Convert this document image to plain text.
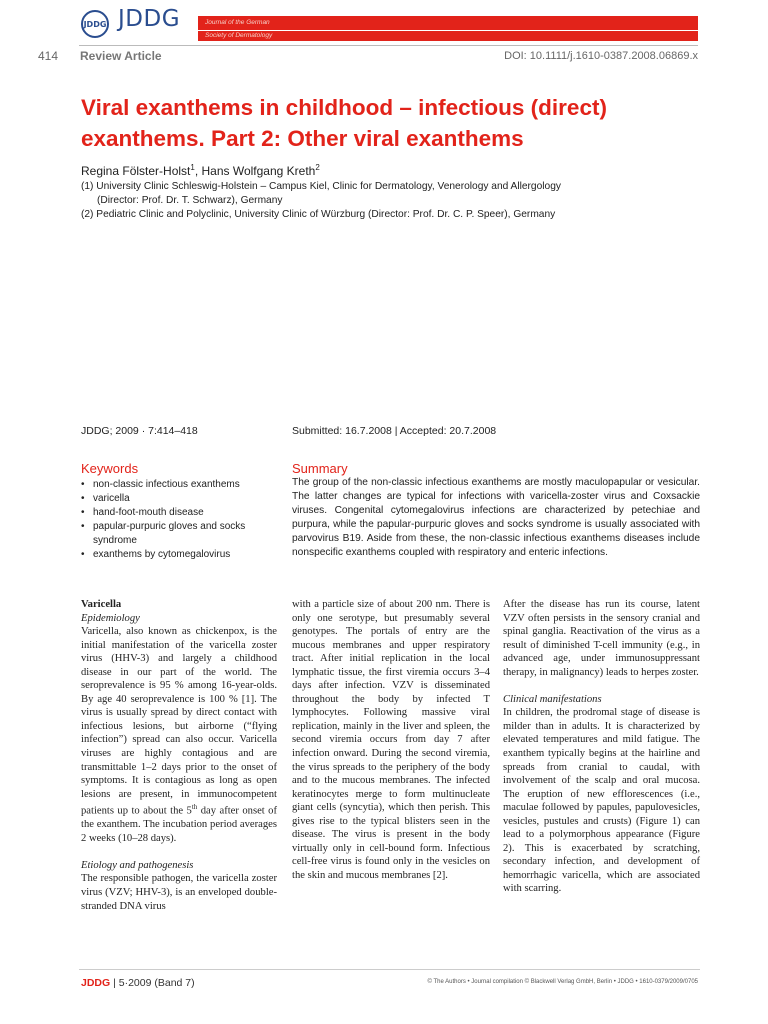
JDDG JDDG	Journal of the German
Society of Dermatology
414 Review Article	DOI: 10.1111/j.1610-0387.2008.06869.x
Viral exanthems in childhood – infectious (direct) exanthems. Part 2: Other viral exanthems
Regina Fölster-Holst$^1$, Hans Wolfgang Kreth$^2$
(1) University Clinic Schleswig-Holstein – Campus Kiel, Clinic for Dermatology, Venerology and Allergology
(Director: Prof. Dr. T. Schwarz), Germany
(2) Pediatric Clinic and Polyclinic, University Clinic of Würzburg (Director: Prof. Dr. C. P. Speer), Germany
JDDG; 2009 · 7:414–418	Submitted: 16.7.2008 | Accepted: 20.7.2008
Keywords
• non-classic infectious exanthems
• varicella
• hand-foot-mouth disease
• papular-purpuric gloves and socks syndrome
• exanthems by cytomegalovirus
Summary
The group of the non-classic infectious exanthems are mostly maculopapular or vesicular. The latter changes are typical for infections with varicella-zoster virus and Coxsackie viruses. Congenital cytomegalovirus infections are characterized by petechiae and purpura, while the papular-purpuric gloves and socks syndrome is usually associated with parvovirus B19. Aside from these, the non-classic infectious exanthems diseases include nonspecific exanthems coupled with respiratory and enteric infections.

Varicella

Epidemiology

Varicella, also known as chickenpox, is the initial manifestation of the varicella zoster virus (HHV-3) and largely a childhood disease in our part of the world. The seroprevalence is 95 % among 16-year-olds. By age 40 seroprevalence is 100 % [1]. The virus is usually spread by direct contact with infectious lesions, but airborne (“flying infection”) spread can also occur. Varicella viruses are highly contagious and are transmittable 1–2 days prior to the onset of symptoms. It is contagious as long as open lesions are present, in immunocompetent patients up to about the 5th day after onset of the exanthem. The incubation period averages 2 weeks (10–28 days).

Etiology and pathogenesis

The responsible pathogen, the varicella zoster virus (VZV; HHV-3), is an enveloped double-stranded DNA virus

with a particle size of about 200 nm. There is only one serotype, but presumably several genotypes. The portals of entry are the mucous membranes and upper respiratory tract. After initial replication in the local lymphatic tissue, the first viremia occurs 3–4 days after infection. VZV is disseminated throughout the body by infected T lymphocytes. Following massive viral replication, mainly in the liver and spleen, the second viremia occurs from day 7 after infection onward. During the second viremia, the virus spreads to the periphery of the body and to the mucous membranes. The infected keratinocytes merge to form multinucleate giant cells (syncytia), which then perish. This gives rise to the typical blisters seen in the disease. The virus is present in the body virtually only in cell-bound form. Infectious cell-free virus is found only in the vesicles on the skin and mucous membranes [2].

After the disease has run its course, latent VZV often persists in the sensory cranial and spinal ganglia. Reactivation of the virus as a result of diminished T-cell immunity (e.g., in advanced age, under immunosuppressant therapy, in malignancy) leads to herpes zoster.

Clinical manifestations

In children, the prodromal stage of disease is milder than in adults. It is characterized by elevated temperatures and mild fatigue. The exanthem typically begins at the hairline and spreads from cranial to caudal, with involvement of the scalp and oral mucosa. The eruption of new efflorescences (i.e., maculae followed by papules, papulovesicles, vesicles, pustules and crusts) (Figure 1) can lead to a polymorphous appearance (Figure 2). This is exacerbated by scratching, secondary infection, and development of hemorrhagic varicella, which are associated with scarring.

JDDG | 5·2009 (Band 7)	© The Authors • Journal compilation © Blackwell Verlag GmbH, Berlin • JDDG • 1610-0379/2009/0705
